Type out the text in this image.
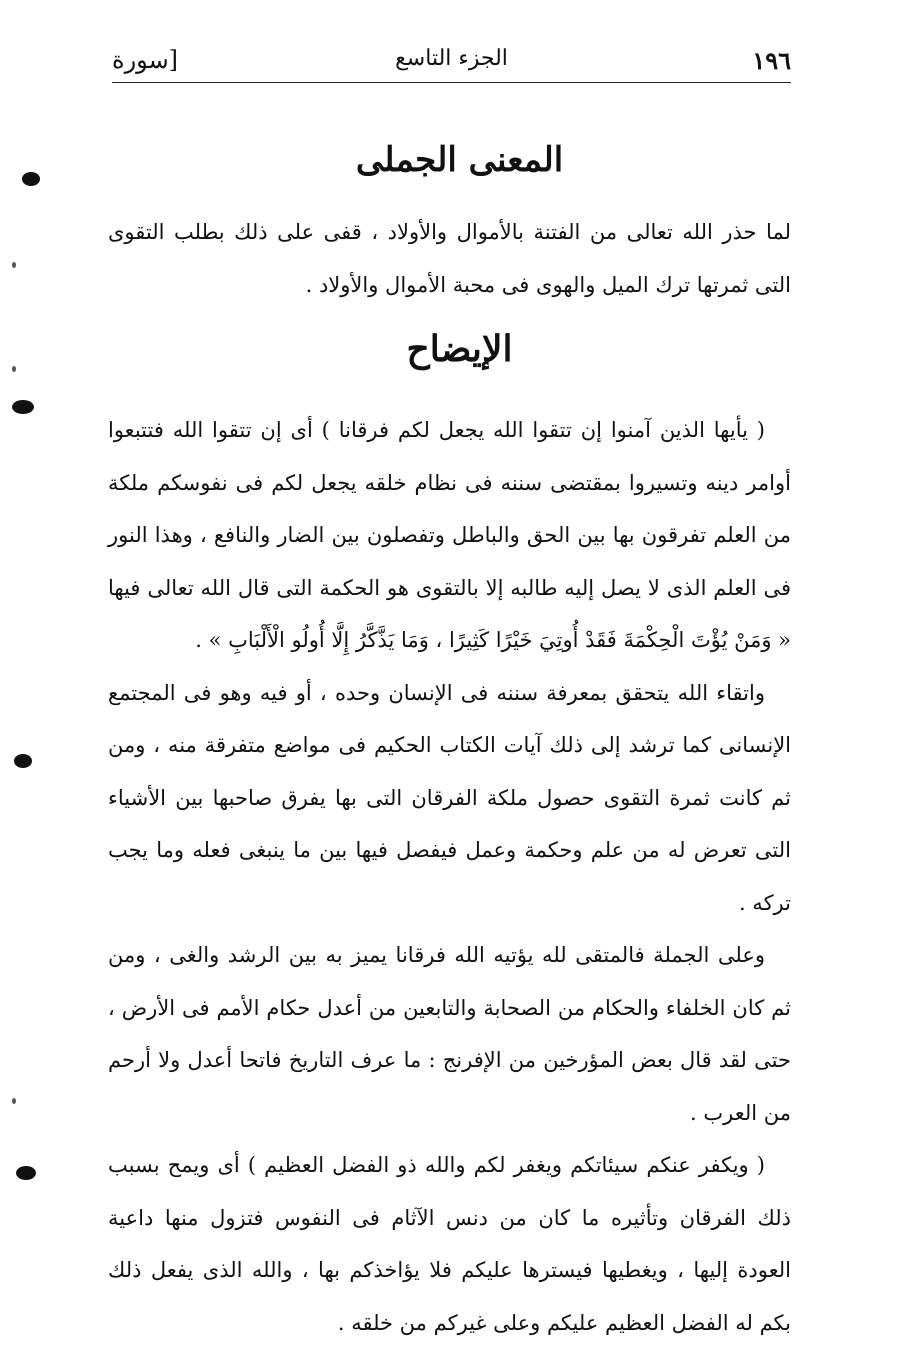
١٩٦
الجزء التاسع
[سورة
المعنى الجملى

لما حذر الله تعالى من الفتنة بالأموال والأولاد ، قفى على ذلك بطلب التقوى التى ثمرتها ترك الميل والهوى فى محبة الأموال والأولاد .

الإيضاح

( يأيها الذين آمنوا إن تتقوا الله يجعل لكم فرقانا ) أى إن تتقوا الله فتتبعوا أوامر دينه وتسيروا بمقتضى سننه فى نظام خلقه يجعل لكم فى نفوسكم ملكة من العلم تفرقون بها بين الحق والباطل وتفصلون بين الضار والنافع ، وهذا النور فى العلم الذى لا يصل إليه طالبه إلا بالتقوى هو الحكمة التى قال الله تعالى فيها « وَمَنْ يُؤْتَ الْحِكْمَةَ فَقَدْ أُوتِيَ خَيْرًا كَثِيرًا ، وَمَا يَذَّكَّرُ إِلَّا أُولُو الْأَلْبَابِ » .

واتقاء الله يتحقق بمعرفة سننه فى الإنسان وحده ، أو فيه وهو فى المجتمع الإنسانى كما ترشد إلى ذلك آيات الكتاب الحكيم فى مواضع متفرقة منه ، ومن ثم كانت ثمرة التقوى حصول ملكة الفرقان التى بها يفرق صاحبها بين الأشياء التى تعرض له من علم وحكمة وعمل فيفصل فيها بين ما ينبغى فعله وما يجب تركه .

وعلى الجملة فالمتقى لله يؤتيه الله فرقانا يميز به بين الرشد والغى ، ومن ثم كان الخلفاء والحكام من الصحابة والتابعين من أعدل حكام الأمم فى الأرض ، حتى لقد قال بعض المؤرخين من الإفرنج : ما عرف التاريخ فاتحا أعدل ولا أرحم من العرب .

( ويكفر عنكم سيئاتكم ويغفر لكم والله ذو الفضل العظيم ) أى ويمح بسبب ذلك الفرقان وتأثيره ما كان من دنس الآثام فى النفوس فتزول منها داعية العودة إليها ، ويغطيها فيسترها عليكم فلا يؤاخذكم بها ، والله الذى يفعل ذلك بكم له الفضل العظيم عليكم وعلى غيركم من خلقه .
